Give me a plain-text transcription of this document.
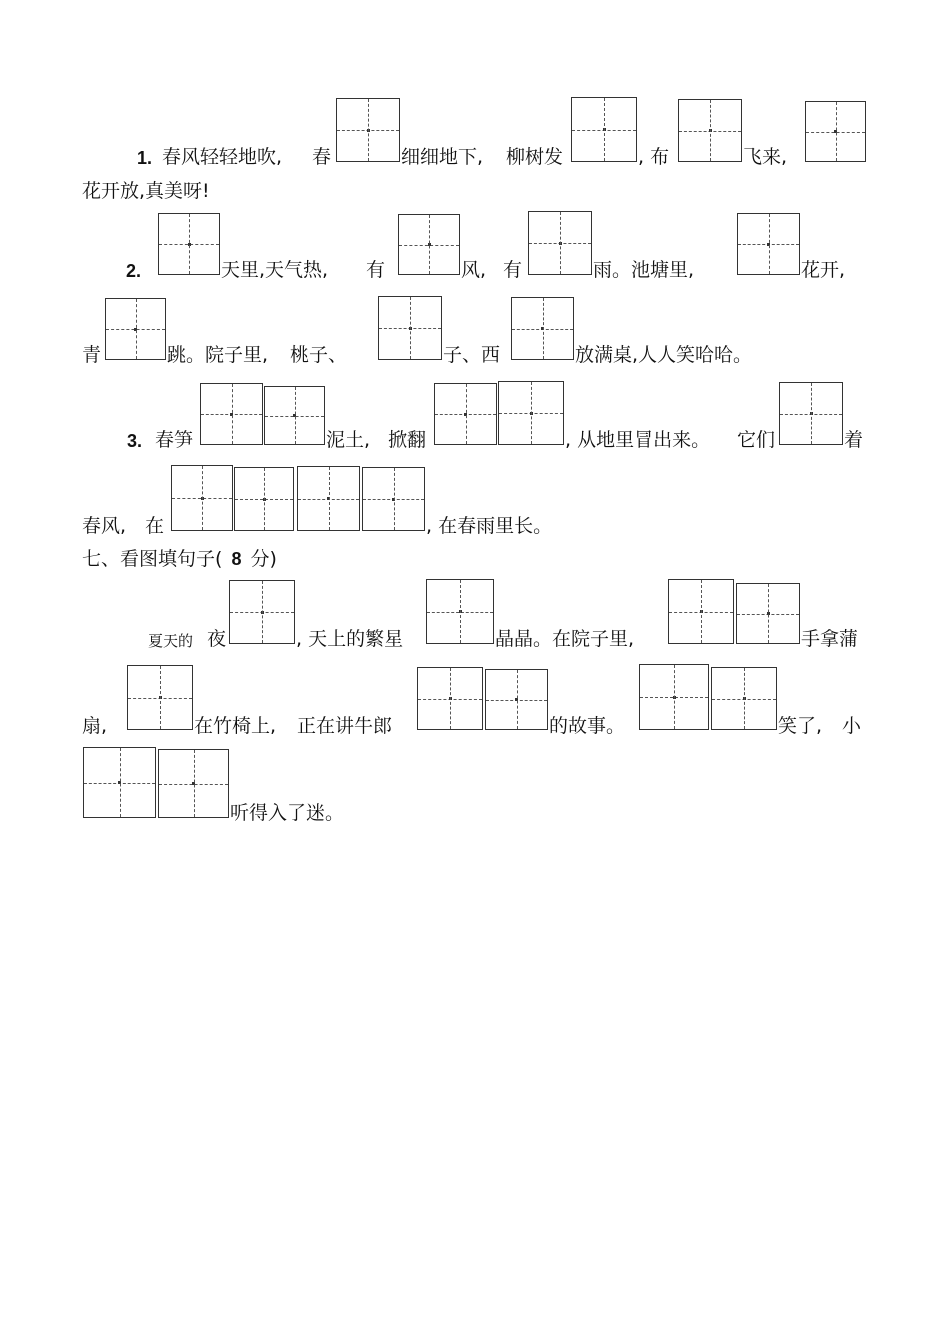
1. 春风轻轻地吹, 春	细细地下, 柳树发	, 布	飞来,
花开放,真美呀!
2.	天里,天气热, 有	风, 有	雨。池塘里,	花开,
青	跳。院子里, 桃子、	子、西	放满桌,人人笑哈哈。
3. 春笋	泥土, 掀翻	, 从地里冒出来。 它们	着
春风, 在	, 在春雨里长。
七、看图填句子( 8 分)
夏天的 夜	, 天上的繁星	晶晶。在院子里,	手拿蒲
扇,	在竹椅上, 正在讲牛郎	的故事。	笑了, 小
听得入了迷。
